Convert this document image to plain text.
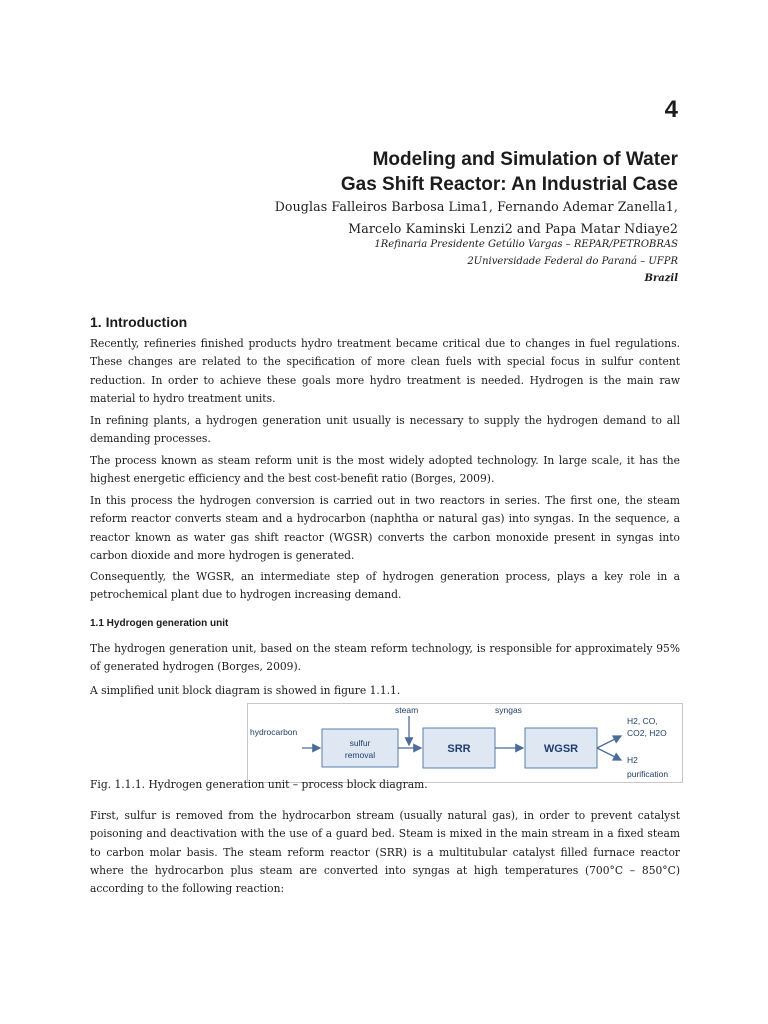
4
Modeling and Simulation of Water
Gas Shift Reactor: An Industrial Case
Douglas Falleiros Barbosa Lima1, Fernando Ademar Zanella1,
Marcelo Kaminski Lenzi2 and Papa Matar Ndiaye2
1Refinaria Presidente Getúlio Vargas – REPAR/PETROBRAS
2Universidade Federal do Paraná – UFPR
Brazil
1. Introduction
Recently, refineries finished products hydro treatment became critical due to changes in fuel regulations. These changes are related to the specification of more clean fuels with special focus in sulfur content reduction. In order to achieve these goals more hydro treatment is needed. Hydrogen is the main raw material to hydro treatment units.
In refining plants, a hydrogen generation unit usually is necessary to supply the hydrogen demand to all demanding processes.
The process known as steam reform unit is the most widely adopted technology. In large scale, it has the highest energetic efficiency and the best cost-benefit ratio (Borges, 2009).
In this process the hydrogen conversion is carried out in two reactors in series. The first one, the steam reform reactor converts steam and a hydrocarbon (naphtha or natural gas) into syngas. In the sequence, a reactor known as water gas shift reactor (WGSR) converts the carbon monoxide present in syngas into carbon dioxide and more hydrogen is generated.
Consequently, the WGSR, an intermediate step of hydrogen generation process, plays a key role in a petrochemical plant due to hydrogen increasing demand.
1.1 Hydrogen generation unit
The hydrogen generation unit, based on the steam reform technology, is responsible for approximately 95% of generated hydrogen (Borges, 2009).
A simplified unit block diagram is showed in figure 1.1.1.
hydrocarbon
sulfur
removal
steam
SRR
syngas
WGSR
H2, CO,
CO2, H2O
H2
purification
Fig. 1.1.1. Hydrogen generation unit – process block diagram.
First, sulfur is removed from the hydrocarbon stream (usually natural gas), in order to prevent catalyst poisoning and deactivation with the use of a guard bed. Steam is mixed in the main stream in a fixed steam to carbon molar basis. The steam reform reactor (SRR) is a multitubular catalyst filled furnace reactor where the hydrocarbon plus steam are converted into syngas at high temperatures (700°C – 850°C) according to the following reaction:
